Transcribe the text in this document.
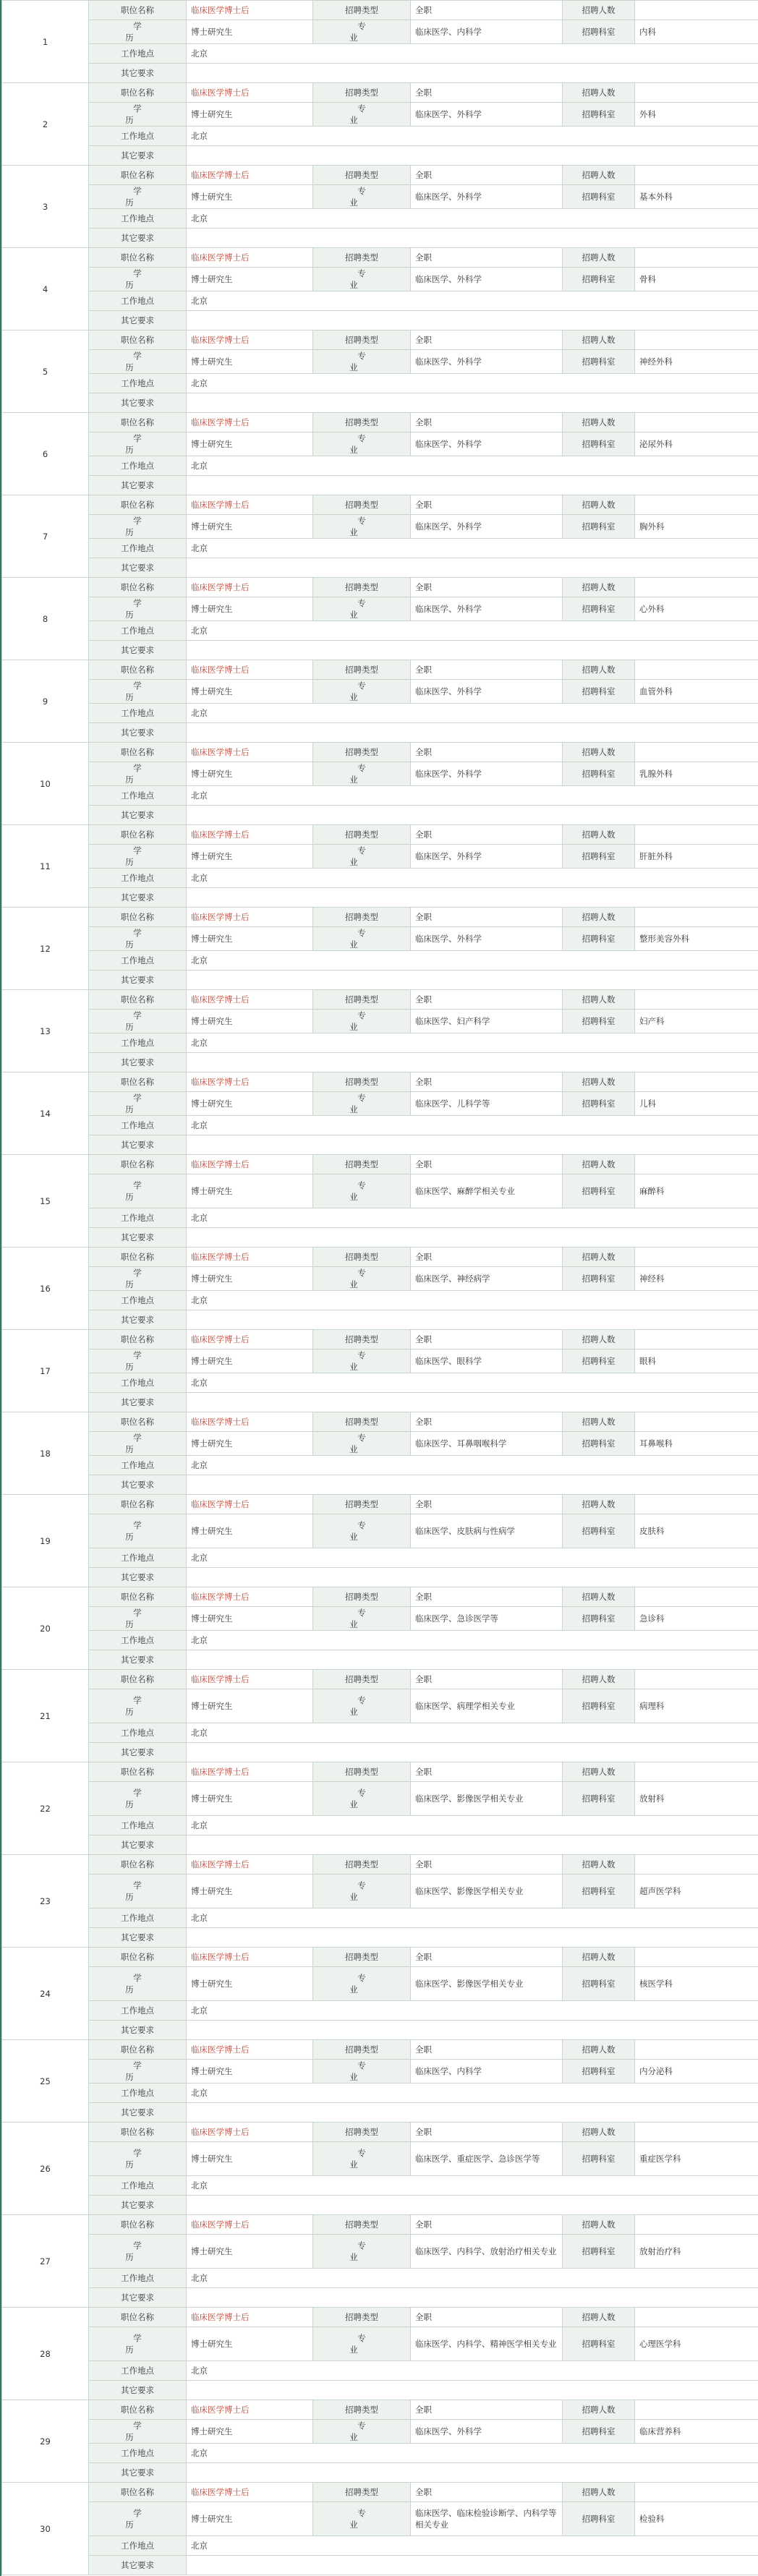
1	职位名称	临床医学博士后	招聘类型	全职	招聘人数	
	学　历	博士研究生	专　业	临床医学、内科学	招聘科室	内科
	工作地点	北京				
	其它要求					
2	职位名称	临床医学博士后	招聘类型	全职	招聘人数	
	学　历	博士研究生	专　业	临床医学、外科学	招聘科室	外科
	工作地点	北京				
	其它要求					
3	职位名称	临床医学博士后	招聘类型	全职	招聘人数	
	学　历	博士研究生	专　业	临床医学、外科学	招聘科室	基本外科
	工作地点	北京				
	其它要求					
4	职位名称	临床医学博士后	招聘类型	全职	招聘人数	
	学　历	博士研究生	专　业	临床医学、外科学	招聘科室	骨科
	工作地点	北京				
	其它要求					
5	职位名称	临床医学博士后	招聘类型	全职	招聘人数	
	学　历	博士研究生	专　业	临床医学、外科学	招聘科室	神经外科
	工作地点	北京				
	其它要求					
6	职位名称	临床医学博士后	招聘类型	全职	招聘人数	
	学　历	博士研究生	专　业	临床医学、外科学	招聘科室	泌尿外科
	工作地点	北京				
	其它要求					
7	职位名称	临床医学博士后	招聘类型	全职	招聘人数	
	学　历	博士研究生	专　业	临床医学、外科学	招聘科室	胸外科
	工作地点	北京				
	其它要求					
8	职位名称	临床医学博士后	招聘类型	全职	招聘人数	
	学　历	博士研究生	专　业	临床医学、外科学	招聘科室	心外科
	工作地点	北京				
	其它要求					
9	职位名称	临床医学博士后	招聘类型	全职	招聘人数	
	学　历	博士研究生	专　业	临床医学、外科学	招聘科室	血管外科
	工作地点	北京				
	其它要求					
10	职位名称	临床医学博士后	招聘类型	全职	招聘人数	
	学　历	博士研究生	专　业	临床医学、外科学	招聘科室	乳腺外科
	工作地点	北京				
	其它要求					
11	职位名称	临床医学博士后	招聘类型	全职	招聘人数	
	学　历	博士研究生	专　业	临床医学、外科学	招聘科室	肝脏外科
	工作地点	北京				
	其它要求					
12	职位名称	临床医学博士后	招聘类型	全职	招聘人数	
	学　历	博士研究生	专　业	临床医学、外科学	招聘科室	整形美容外科
	工作地点	北京				
	其它要求					
13	职位名称	临床医学博士后	招聘类型	全职	招聘人数	
	学　历	博士研究生	专　业	临床医学、妇产科学	招聘科室	妇产科
	工作地点	北京				
	其它要求					
14	职位名称	临床医学博士后	招聘类型	全职	招聘人数	
	学　历	博士研究生	专　业	临床医学、儿科学等	招聘科室	儿科
	工作地点	北京				
	其它要求					
15	职位名称	临床医学博士后	招聘类型	全职	招聘人数	
	学　历	博士研究生	专　业	临床医学、麻醉学相关专业	招聘科室	麻醉科
	工作地点	北京				
	其它要求					
16	职位名称	临床医学博士后	招聘类型	全职	招聘人数	
	学　历	博士研究生	专　业	临床医学、神经病学	招聘科室	神经科
	工作地点	北京				
	其它要求					
17	职位名称	临床医学博士后	招聘类型	全职	招聘人数	
	学　历	博士研究生	专　业	临床医学、眼科学	招聘科室	眼科
	工作地点	北京				
	其它要求					
18	职位名称	临床医学博士后	招聘类型	全职	招聘人数	
	学　历	博士研究生	专　业	临床医学、耳鼻咽喉科学	招聘科室	耳鼻喉科
	工作地点	北京				
	其它要求					
19	职位名称	临床医学博士后	招聘类型	全职	招聘人数	
	学　历	博士研究生	专　业	临床医学、皮肤病与性病学	招聘科室	皮肤科
	工作地点	北京				
	其它要求					
20	职位名称	临床医学博士后	招聘类型	全职	招聘人数	
	学　历	博士研究生	专　业	临床医学、急诊医学等	招聘科室	急诊科
	工作地点	北京				
	其它要求					
21	职位名称	临床医学博士后	招聘类型	全职	招聘人数	
	学　历	博士研究生	专　业	临床医学、病理学相关专业	招聘科室	病理科
	工作地点	北京				
	其它要求					
22	职位名称	临床医学博士后	招聘类型	全职	招聘人数	
	学　历	博士研究生	专　业	临床医学、影像医学相关专业	招聘科室	放射科
	工作地点	北京				
	其它要求					
23	职位名称	临床医学博士后	招聘类型	全职	招聘人数	
	学　历	博士研究生	专　业	临床医学、影像医学相关专业	招聘科室	超声医学科
	工作地点	北京				
	其它要求					
24	职位名称	临床医学博士后	招聘类型	全职	招聘人数	
	学　历	博士研究生	专　业	临床医学、影像医学相关专业	招聘科室	核医学科
	工作地点	北京				
	其它要求					
25	职位名称	临床医学博士后	招聘类型	全职	招聘人数	
	学　历	博士研究生	专　业	临床医学、内科学	招聘科室	内分泌科
	工作地点	北京				
	其它要求					
26	职位名称	临床医学博士后	招聘类型	全职	招聘人数	
	学　历	博士研究生	专　业	临床医学、重症医学、急诊医学等	招聘科室	重症医学科
	工作地点	北京				
	其它要求					
27	职位名称	临床医学博士后	招聘类型	全职	招聘人数	
	学　历	博士研究生	专　业	临床医学、内科学、放射治疗相关专业	招聘科室	放射治疗科
	工作地点	北京				
	其它要求					
28	职位名称	临床医学博士后	招聘类型	全职	招聘人数	
	学　历	博士研究生	专　业	临床医学、内科学、精神医学相关专业	招聘科室	心理医学科
	工作地点	北京				
	其它要求					
29	职位名称	临床医学博士后	招聘类型	全职	招聘人数	
	学　历	博士研究生	专　业	临床医学、外科学	招聘科室	临床营养科
	工作地点	北京				
	其它要求					
30	职位名称	临床医学博士后	招聘类型	全职	招聘人数	
	学　历	博士研究生	专　业	临床医学、临床检验诊断学、内科学等相关专业	招聘科室	检验科
	工作地点	北京				
	其它要求					
